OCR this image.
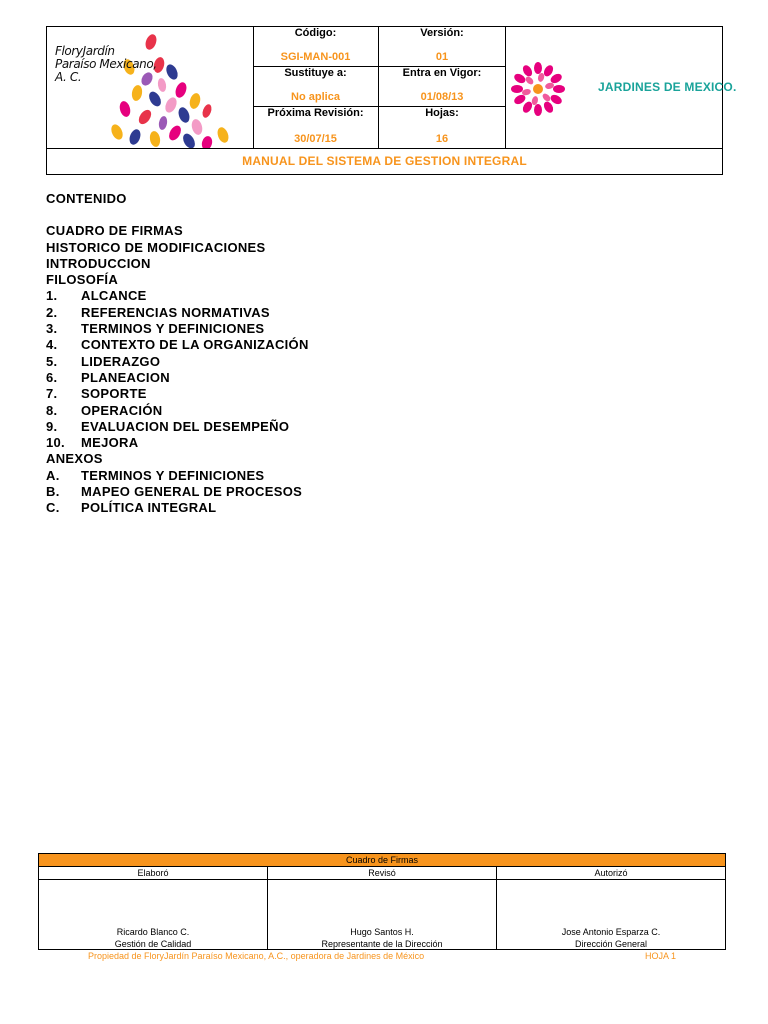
FloryJardín
Paraíso Mexicano,
A. C.
Código:
SGI-MAN-001
Versión:
01
Sustituye a:
No aplica
Entra en Vigor:
01/08/13
Próxima Revisión:
30/07/15
Hojas:
16
JARDINES DE MEXICO.
MANUAL DEL SISTEMA DE GESTION INTEGRAL
CONTENIDO
CUADRO DE FIRMAS
HISTORICO DE MODIFICACIONES
INTRODUCCION
FILOSOFÍA
1. ALCANCE
2. REFERENCIAS NORMATIVAS
3. TERMINOS Y DEFINICIONES
4. CONTEXTO DE LA ORGANIZACIÓN
5. LIDERAZGO
6. PLANEACION
7. SOPORTE
8. OPERACIÓN
9. EVALUACION DEL DESEMPEÑO
10. MEJORA
ANEXOS
A. TERMINOS Y DEFINICIONES
B. MAPEO GENERAL DE PROCESOS
C. POLÍTICA INTEGRAL
Cuadro de Firmas
Elaboró
Ricardo Blanco C.
Gestión de Calidad
Revisó
Hugo Santos H.
Representante de la Dirección
Autorizó
Jose Antonio Esparza C.
Dirección General
Propiedad de FloryJardín Paraíso Mexicano, A.C., operadora de Jardines de México	HOJA 1
